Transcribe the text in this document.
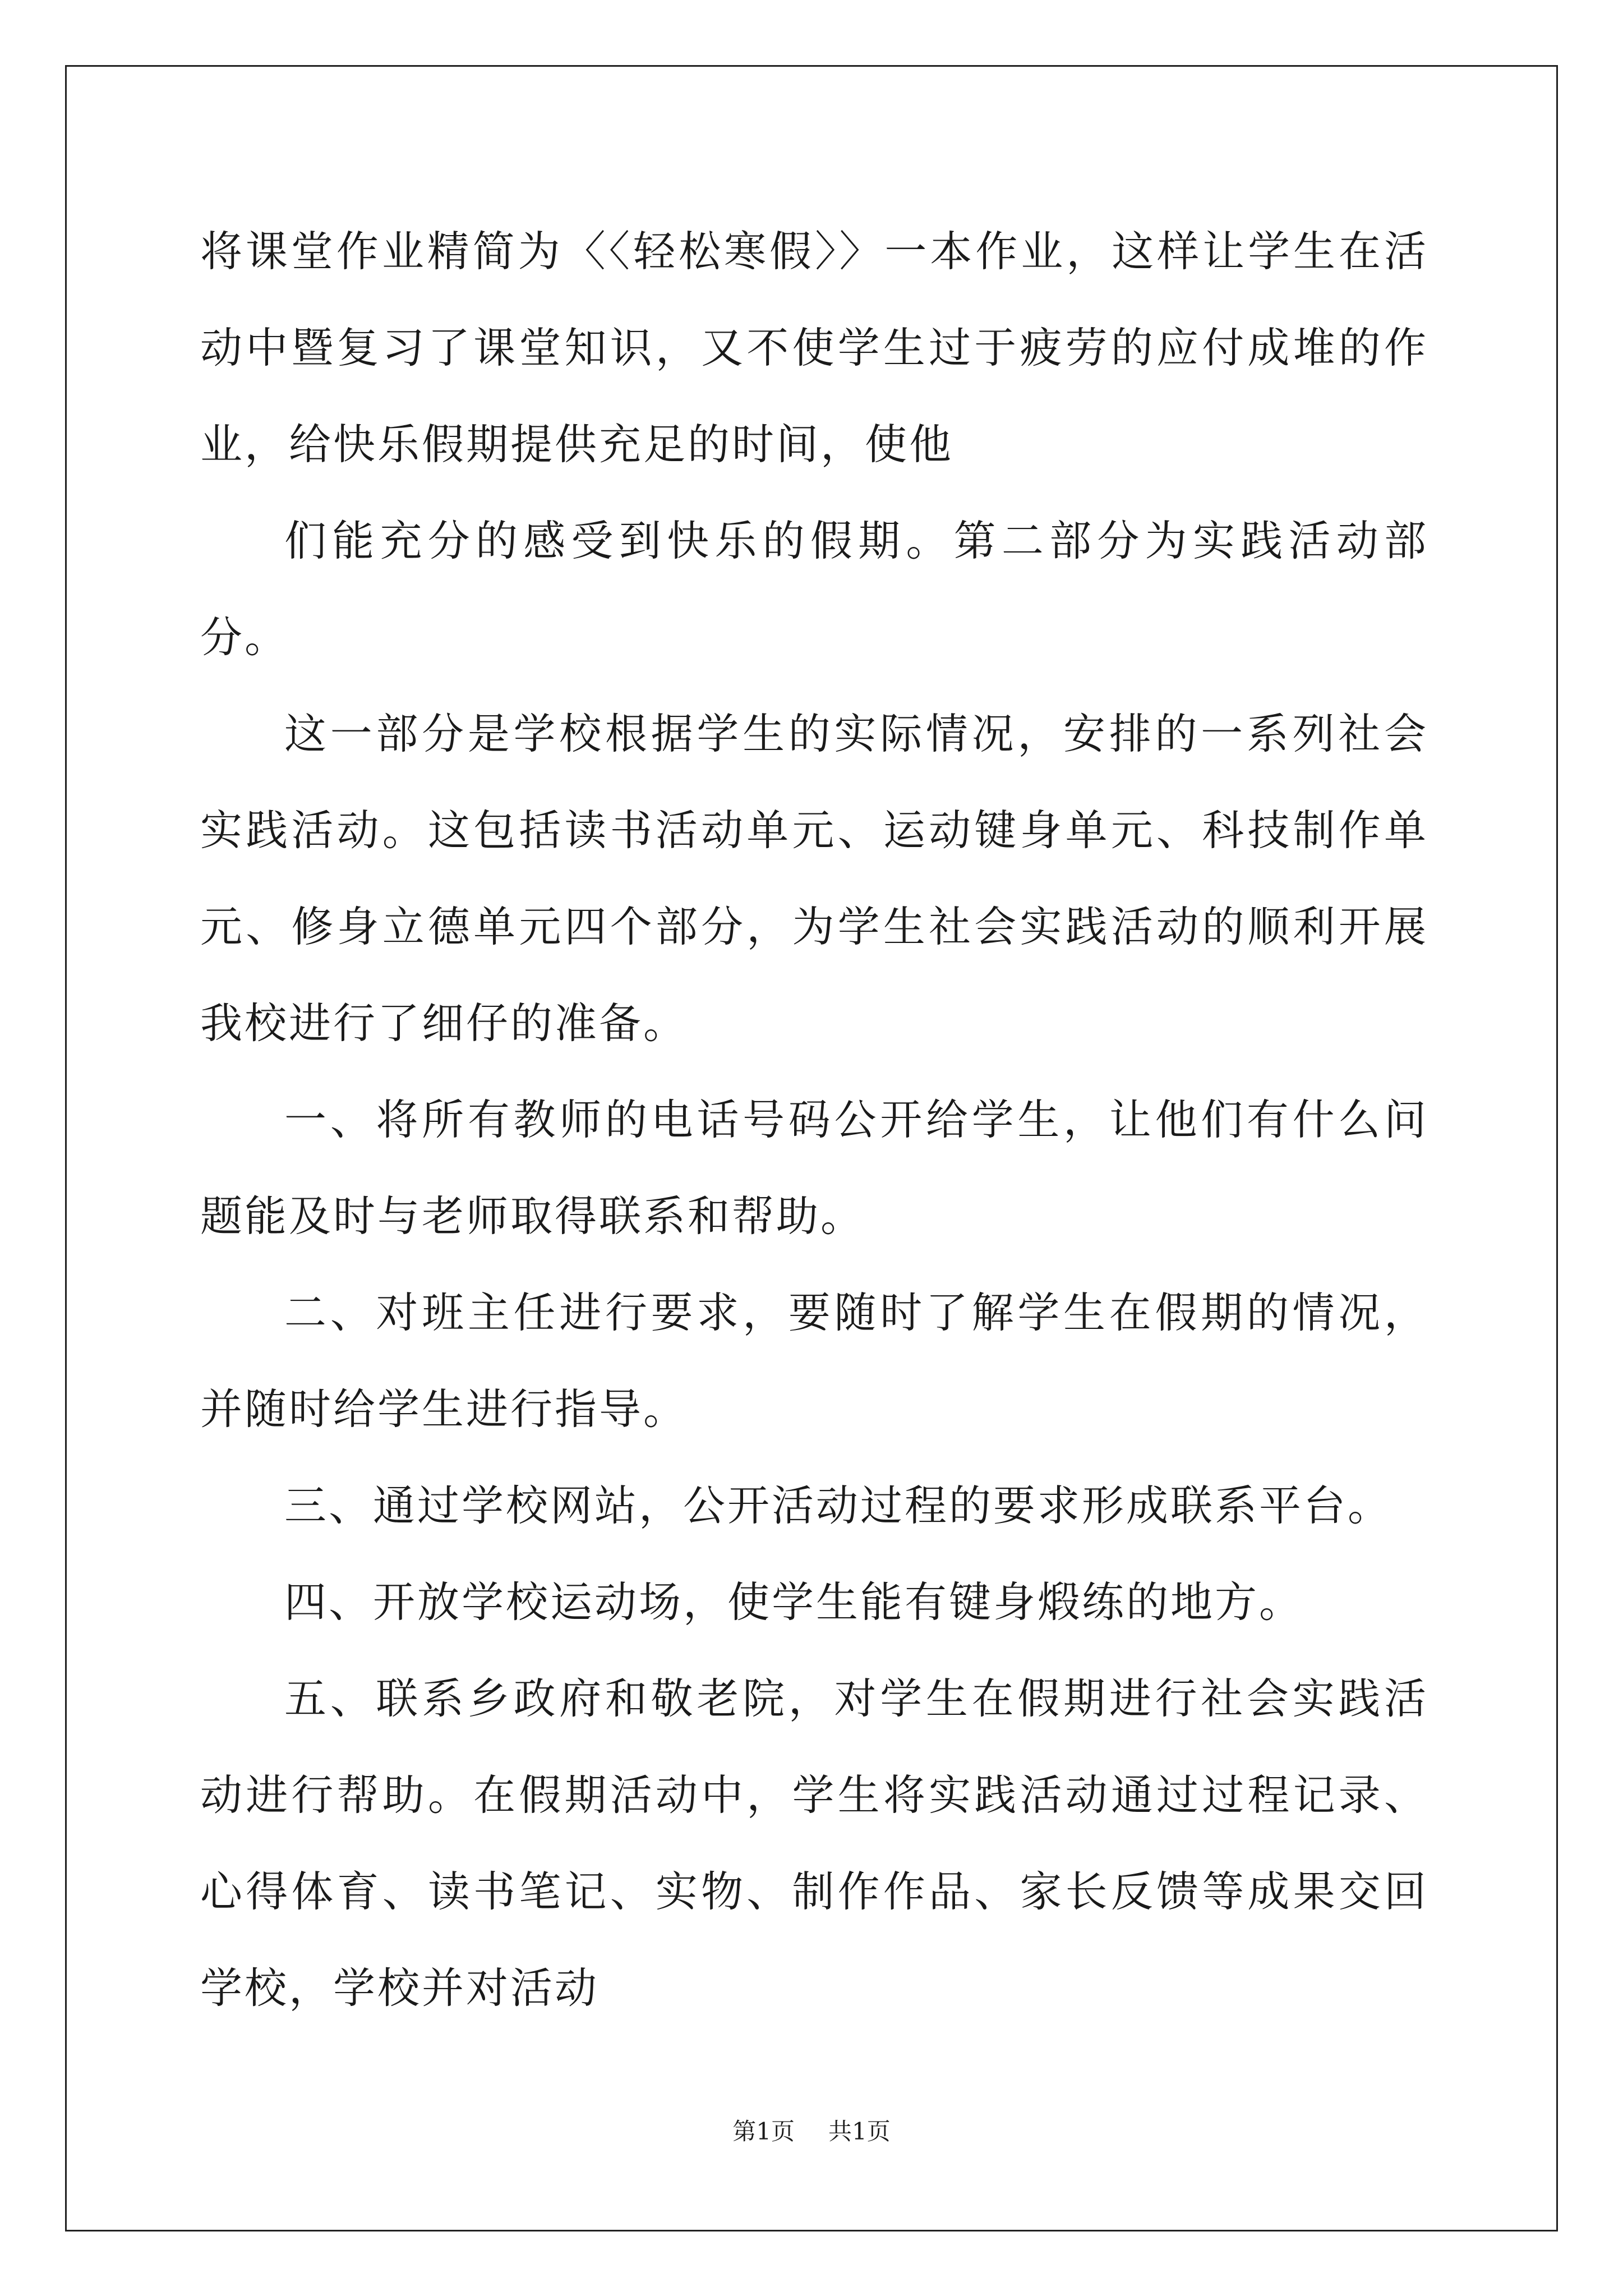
将课堂作业精简为〈〈轻松寒假〉〉一本作业，这样让学生在活动中暨复习了课堂知识，又不使学生过于疲劳的应付成堆的作业，给快乐假期提供充足的时间，使他

们能充分的感受到快乐的假期。第二部分为实践活动部分。

这一部分是学校根据学生的实际情况，安排的一系列社会实践活动。这包括读书活动单元、运动键身单元、科技制作单元、修身立德单元四个部分，为学生社会实践活动的顺利开展我校进行了细仔的准备。

一、将所有教师的电话号码公开给学生，让他们有什么问题能及时与老师取得联系和帮助。

二、对班主任进行要求，要随时了解学生在假期的情况，并随时给学生进行指导。

三、通过学校网站，公开活动过程的要求形成联系平台。

四、开放学校运动场，使学生能有键身煅练的地方。

五、联系乡政府和敬老院，对学生在假期进行社会实践活动进行帮助。在假期活动中，学生将实践活动通过过程记录、心得体育、读书笔记、实物、制作作品、家长反馈等成果交回学校，学校并对活动

第1页 共1页
